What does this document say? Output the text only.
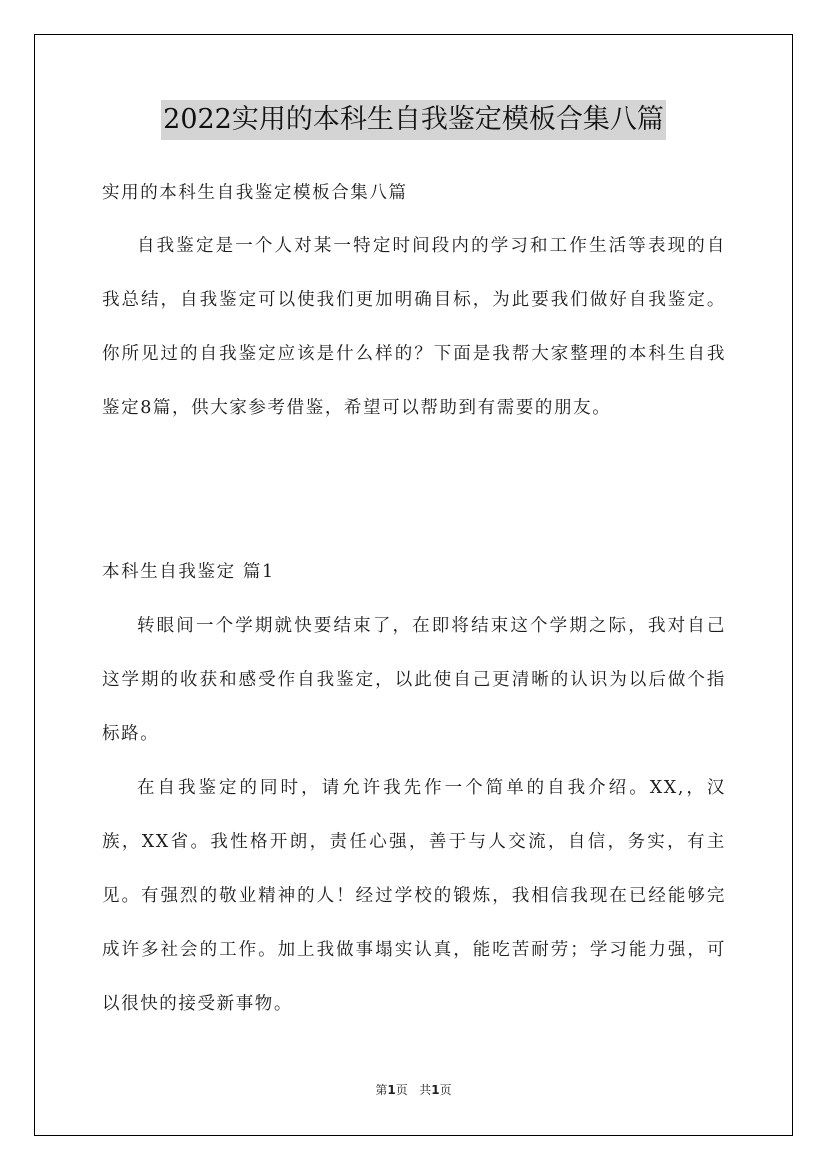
2022实用的本科生自我鉴定模板合集八篇
实用的本科生自我鉴定模板合集八篇

自我鉴定是一个人对某一特定时间段内的学习和工作生活等表现的自我总结，自我鉴定可以使我们更加明确目标，为此要我们做好自我鉴定。你所见过的自我鉴定应该是什么样的？下面是我帮大家整理的本科生自我鉴定8篇，供大家参考借鉴，希望可以帮助到有需要的朋友。

本科生自我鉴定 篇1

转眼间一个学期就快要结束了，在即将结束这个学期之际，我对自己这学期的收获和感受作自我鉴定，以此使自己更清晰的认识为以后做个指标路。

在自我鉴定的同时，请允许我先作一个简单的自我介绍。XX,，汉族，XX省。我性格开朗，责任心强，善于与人交流，自信，务实，有主见。有强烈的敬业精神的人！经过学校的锻炼，我相信我现在已经能够完成许多社会的工作。加上我做事塌实认真，能吃苦耐劳；学习能力强，可以很快的接受新事物。

第1页 共1页
